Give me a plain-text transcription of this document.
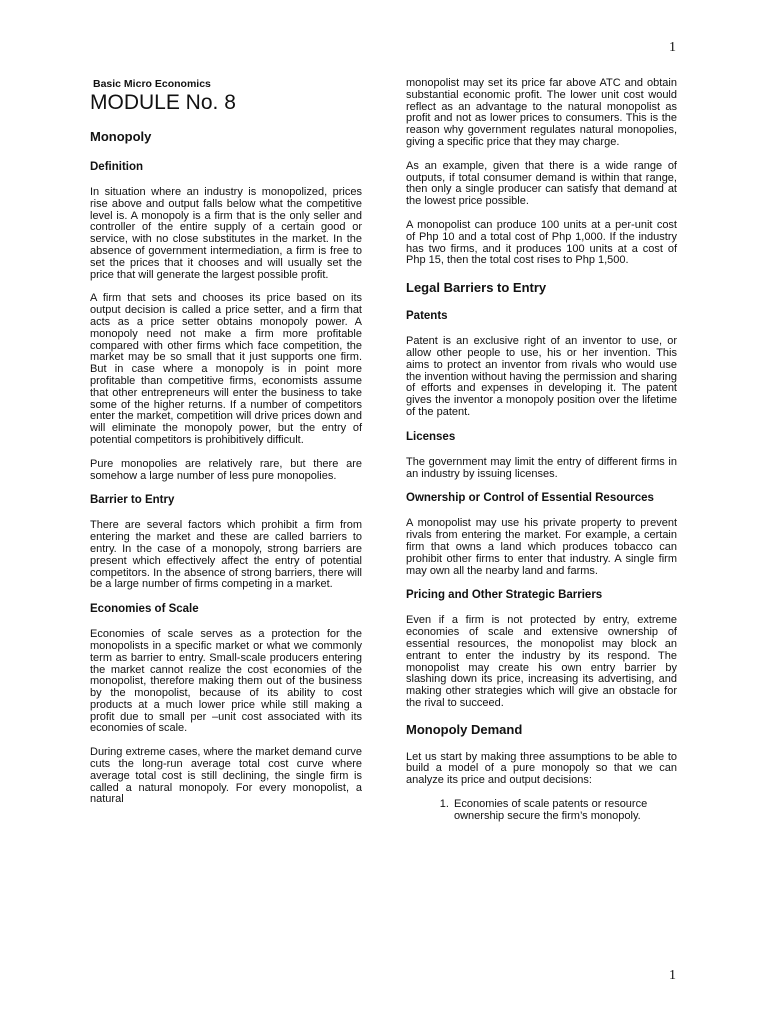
1
Basic Micro Economics
MODULE No. 8
Monopoly
Definition

In situation where an industry is monopolized, prices rise above and output falls below what the competitive level is. A monopoly is a firm that is the only seller and controller of the entire supply of a certain good or service, with no close substitutes in the market. In the absence of government intermediation, a firm is free to set the prices that it chooses and will usually set the price that will generate the largest possible profit.

A firm that sets and chooses its price based on its output decision is called a price setter, and a firm that acts as a price setter obtains monopoly power. A monopoly need not make a firm more profitable compared with other firms which face competition, the market may be so small that it just supports one firm. But in case where a monopoly is in point more profitable than competitive firms, economists assume that other entrepreneurs will enter the business to take some of the higher returns. If a number of competitors enter the market, competition will drive prices down and will eliminate the monopoly power, but the entry of potential competitors is prohibitively difficult.

Pure monopolies are relatively rare, but there are somehow a large number of less pure monopolies.

Barrier to Entry

There are several factors which prohibit a firm from entering the market and these are called barriers to entry. In the case of a monopoly, strong barriers are present which effectively affect the entry of potential competitors. In the absence of strong barriers, there will be a large number of firms competing in a market.

Economies of Scale

Economies of scale serves as a protection for the monopolists in a specific market or what we commonly term as barrier to entry. Small-scale producers entering the market cannot realize the cost economies of the monopolist, therefore making them out of the business by the monopolist, because of its ability to cost products at a much lower price while still making a profit due to small per –unit cost associated with its economies of scale.

During extreme cases, where the market demand curve cuts the long-run average total cost curve where average total cost is still declining, the single firm is called a natural monopoly. For every monopolist, a natural

monopolist may set its price far above ATC and obtain substantial economic profit. The lower unit cost would reflect as an advantage to the natural monopolist as profit and not as lower prices to consumers. This is the reason why government regulates natural monopolies, giving a specific price that they may charge.

As an example, given that there is a wide range of outputs, if total consumer demand is within that range, then only a single producer can satisfy that demand at the lowest price possible.

A monopolist can produce 100 units at a per-unit cost of Php 10 and a total cost of Php 1,000. If the industry has two firms, and it produces 100 units at a cost of Php 15, then the total cost rises to Php 1,500.

Legal Barriers to Entry
Patents

Patent is an exclusive right of an inventor to use, or allow other people to use, his or her invention. This aims to protect an inventor from rivals who would use the invention without having the permission and sharing of efforts and expenses in developing it. The patent gives the inventor a monopoly position over the lifetime of the patent.

Licenses

The government may limit the entry of different firms in an industry by issuing licenses.

Ownership or Control of Essential Resources

A monopolist may use his private property to prevent rivals from entering the market. For example, a certain firm that owns a land which produces tobacco can prohibit other firms to enter that industry. A single firm may own all the nearby land and farms.

Pricing and Other Strategic Barriers

Even if a firm is not protected by entry, extreme economies of scale and extensive ownership of essential resources, the monopolist may block an entrant to enter the industry by its respond. The monopolist may create his own entry barrier by slashing down its price, increasing its advertising, and making other strategies which will give an obstacle for the rival to succeed.

Monopoly Demand

Let us start by making three assumptions to be able to build a model of a pure monopoly so that we can analyze its price and output decisions:

1. Economies of scale patents or resource ownership secure the firm’s monopoly.
1
